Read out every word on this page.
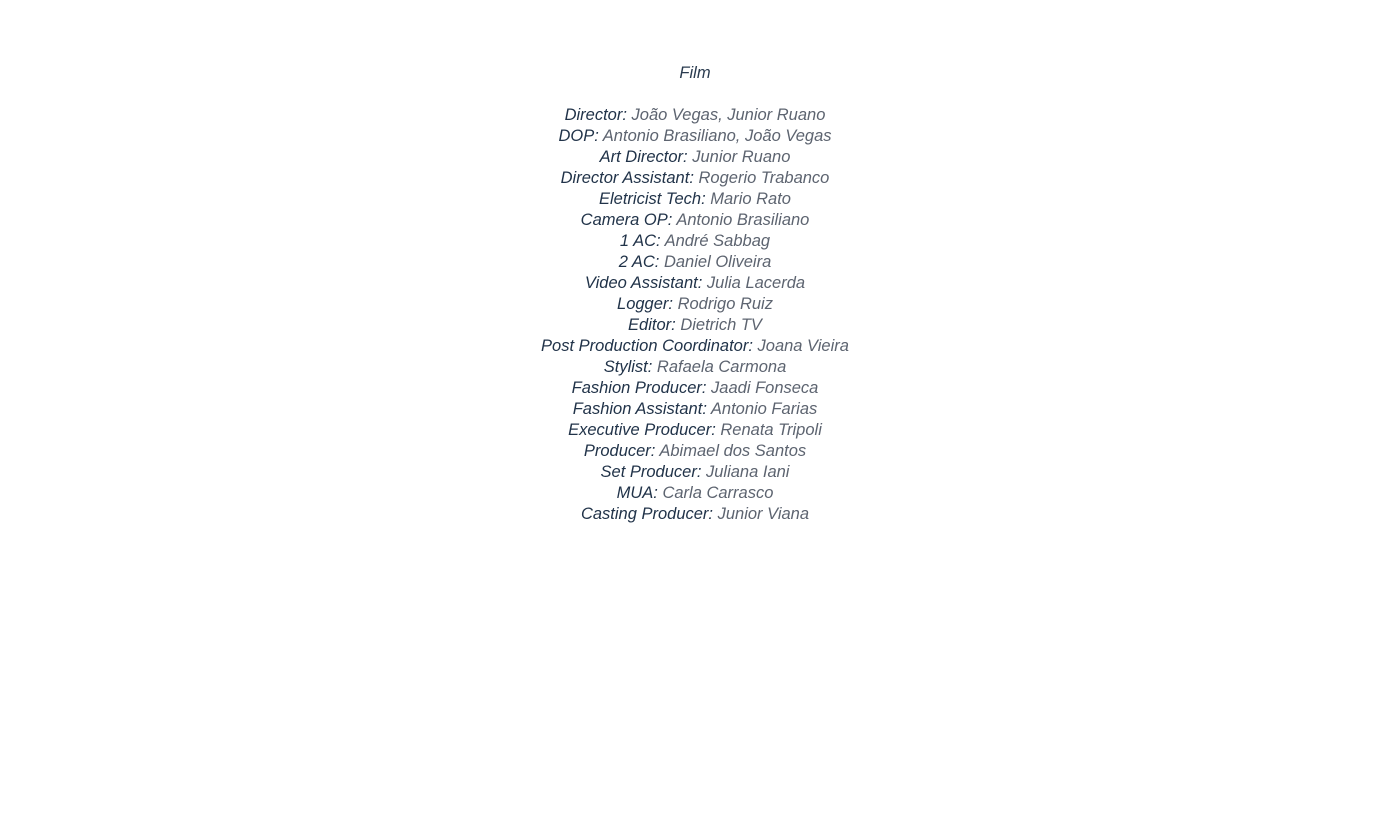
Film
Director: João Vegas, Junior Ruano
DOP: Antonio Brasiliano, João Vegas
Art Director: Junior Ruano
Director Assistant: Rogerio Trabanco
Eletricist Tech: Mario Rato
Camera OP: Antonio Brasiliano
1 AC: André Sabbag
2 AC: Daniel Oliveira
Video Assistant: Julia Lacerda
Logger: Rodrigo Ruiz
Editor: Dietrich TV
Post Production Coordinator: Joana Vieira
Stylist: Rafaela Carmona
Fashion Producer: Jaadi Fonseca
Fashion Assistant: Antonio Farias
Executive Producer: Renata Tripoli
Producer: Abimael dos Santos
Set Producer: Juliana Iani
MUA: Carla Carrasco
Casting Producer: Junior Viana
